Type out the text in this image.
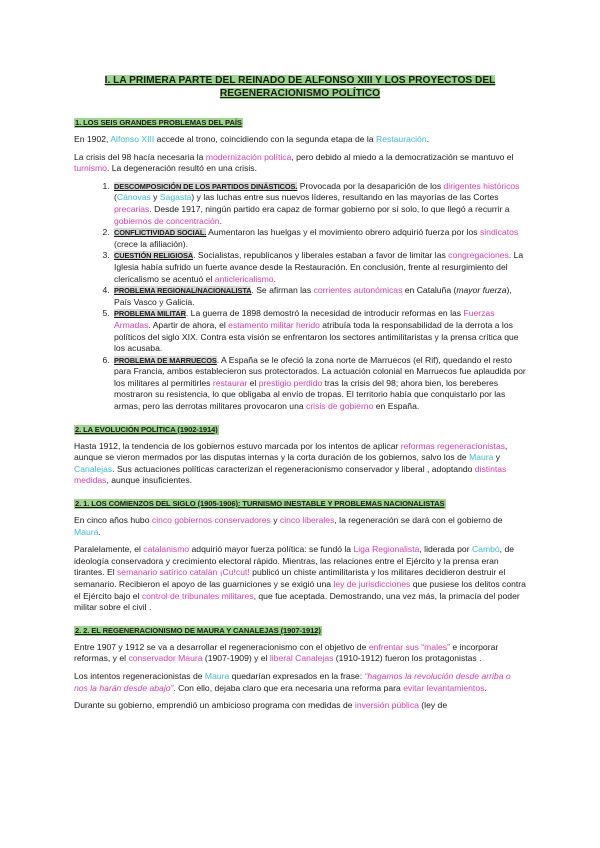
I. LA PRIMERA PARTE DEL REINADO DE ALFONSO XIII Y LOS PROYECTOS DEL REGENERACIONISMO POLÍTICO
1. LOS SEIS GRANDES PROBLEMAS DEL PAÍS

En 1902, Alfonso XIII accede al trono, coincidiendo con la segunda etapa de la Restauración.

La crisis del 98 hacía necesaria la modernización política, pero debido al miedo a la democratización se mantuvo el turnismo. La degeneración resultó en una crisis.

1. DESCOMPOSICIÓN DE LOS PARTIDOS DINÁSTICOS. Provocada por la desaparición de los dirigentes históricos (Cánovas y Sagasta) y las luchas entre sus nuevos líderes, resultando en las mayorías de las Cortes precarias. Desde 1917, ningún partido era capaz de formar gobierno por sí solo, lo que llegó a recurrir a gobiernos de concentración.
2. CONFLICTIVIDAD SOCIAL. Aumentaron las huelgas y el movimiento obrero adquirió fuerza por los sindicatos (crece la afiliación).
3. CUESTIÓN RELIGIOSA. Socialistas, republicanos y liberales estaban a favor de limitar las congregaciones. La Iglesia había sufrido un fuerte avance desde la Restauración. En conclusión, frente al resurgimiento del clericalismo se acentuó el anticlericalismo.
4. PROBLEMA REGIONAL/NACIONALISTA. Se afirman las corrientes autonómicas en Cataluña (mayor fuerza), País Vasco y Galicia.
5. PROBLEMA MILITAR. La guerra de 1898 demostró la necesidad de introducir reformas en las Fuerzas Armadas. Apartir de ahora, el estamento militar herido atribuía toda la responsabilidad de la derrota a los políticos del siglo XIX. Contra esta visión se enfrentaron los sectores antimilitaristas y la prensa crítica que los acusaba.
6. PROBLEMA DE MARRUECOS. A España se le ofeció la zona norte de Marruecos (el Rif), quedando el resto para Francia, ambos establecieron sus protectorados. La actuación colonial en Marruecos fue aplaudida por los militares al permitirles restaurar el prestigio perdido tras la crisis del 98; ahora bien, los bereberes mostraron su resistencia, lo que obligaba al envío de tropas. El territorio había que conquistarlo por las armas, pero las derrotas militares provocaron una crisis de gobierno en España.
2. LA EVOLUCIÓN POLÍTICA (1902-1914)

Hasta 1912, la tendencia de los gobiernos estuvo marcada por los intentos de aplicar reformas regeneracionistas, aunque se vieron mermados por las disputas internas y la corta duración de los gobiernos, salvo los de Maura y Canalejas. Sus actuaciones políticas caracterizan el regeneracionismo conservador y liberal , adoptando distintas medidas, aunque insuficientes.

2. 1. LOS COMIENZOS DEL SIGLO (1905-1906): TURNISMO INESTABLE Y PROBLEMAS NACIONALISTAS

En cinco años hubo cinco gobiernos conservadores y cinco liberales, la regeneración se dará con el gobierno de Maura.

Paralelamente, el catalanismo adquirió mayor fuerza política: se fundó la Liga Regionalista, liderada por Cambó, de ideología conservadora y crecimiento electoral rápido. Mientras, las relaciones entre el Ejército y la prensa eran tirantes. El semanario satírico catalán ¡Cu!cut! publicó un chiste antimilitarista y los militares decidieron destruir el semanario. Recibieron el apoyo de las guarniciones y se exigió una ley de jurisdicciones que pusiese los delitos contra el Ejército bajo el control de tribunales militares, que fue aceptada. Demostrando, una vez más, la primacía del poder militar sobre el civil .

2. 2. EL REGENERACIONISMO DE MAURA Y CANALEJAS (1907-1912)

Entre 1907 y 1912 se va a desarrollar el regeneracionismo con el objetivo de enfrentar sus “males” e incorporar reformas, y el conservador Maura (1907-1909) y el liberal Canalejas (1910-1912) fueron los protagonistas .

Los intentos regeneracionistas de Maura quedarían expresados en la frase: “hagamos la revolución desde arriba o nos la harán desde abajo”. Con ello, dejaba claro que era necesaria una reforma para evitar levantamientos.

Durante su gobierno, emprendió un ambicioso programa con medidas de inversión pública (ley de
